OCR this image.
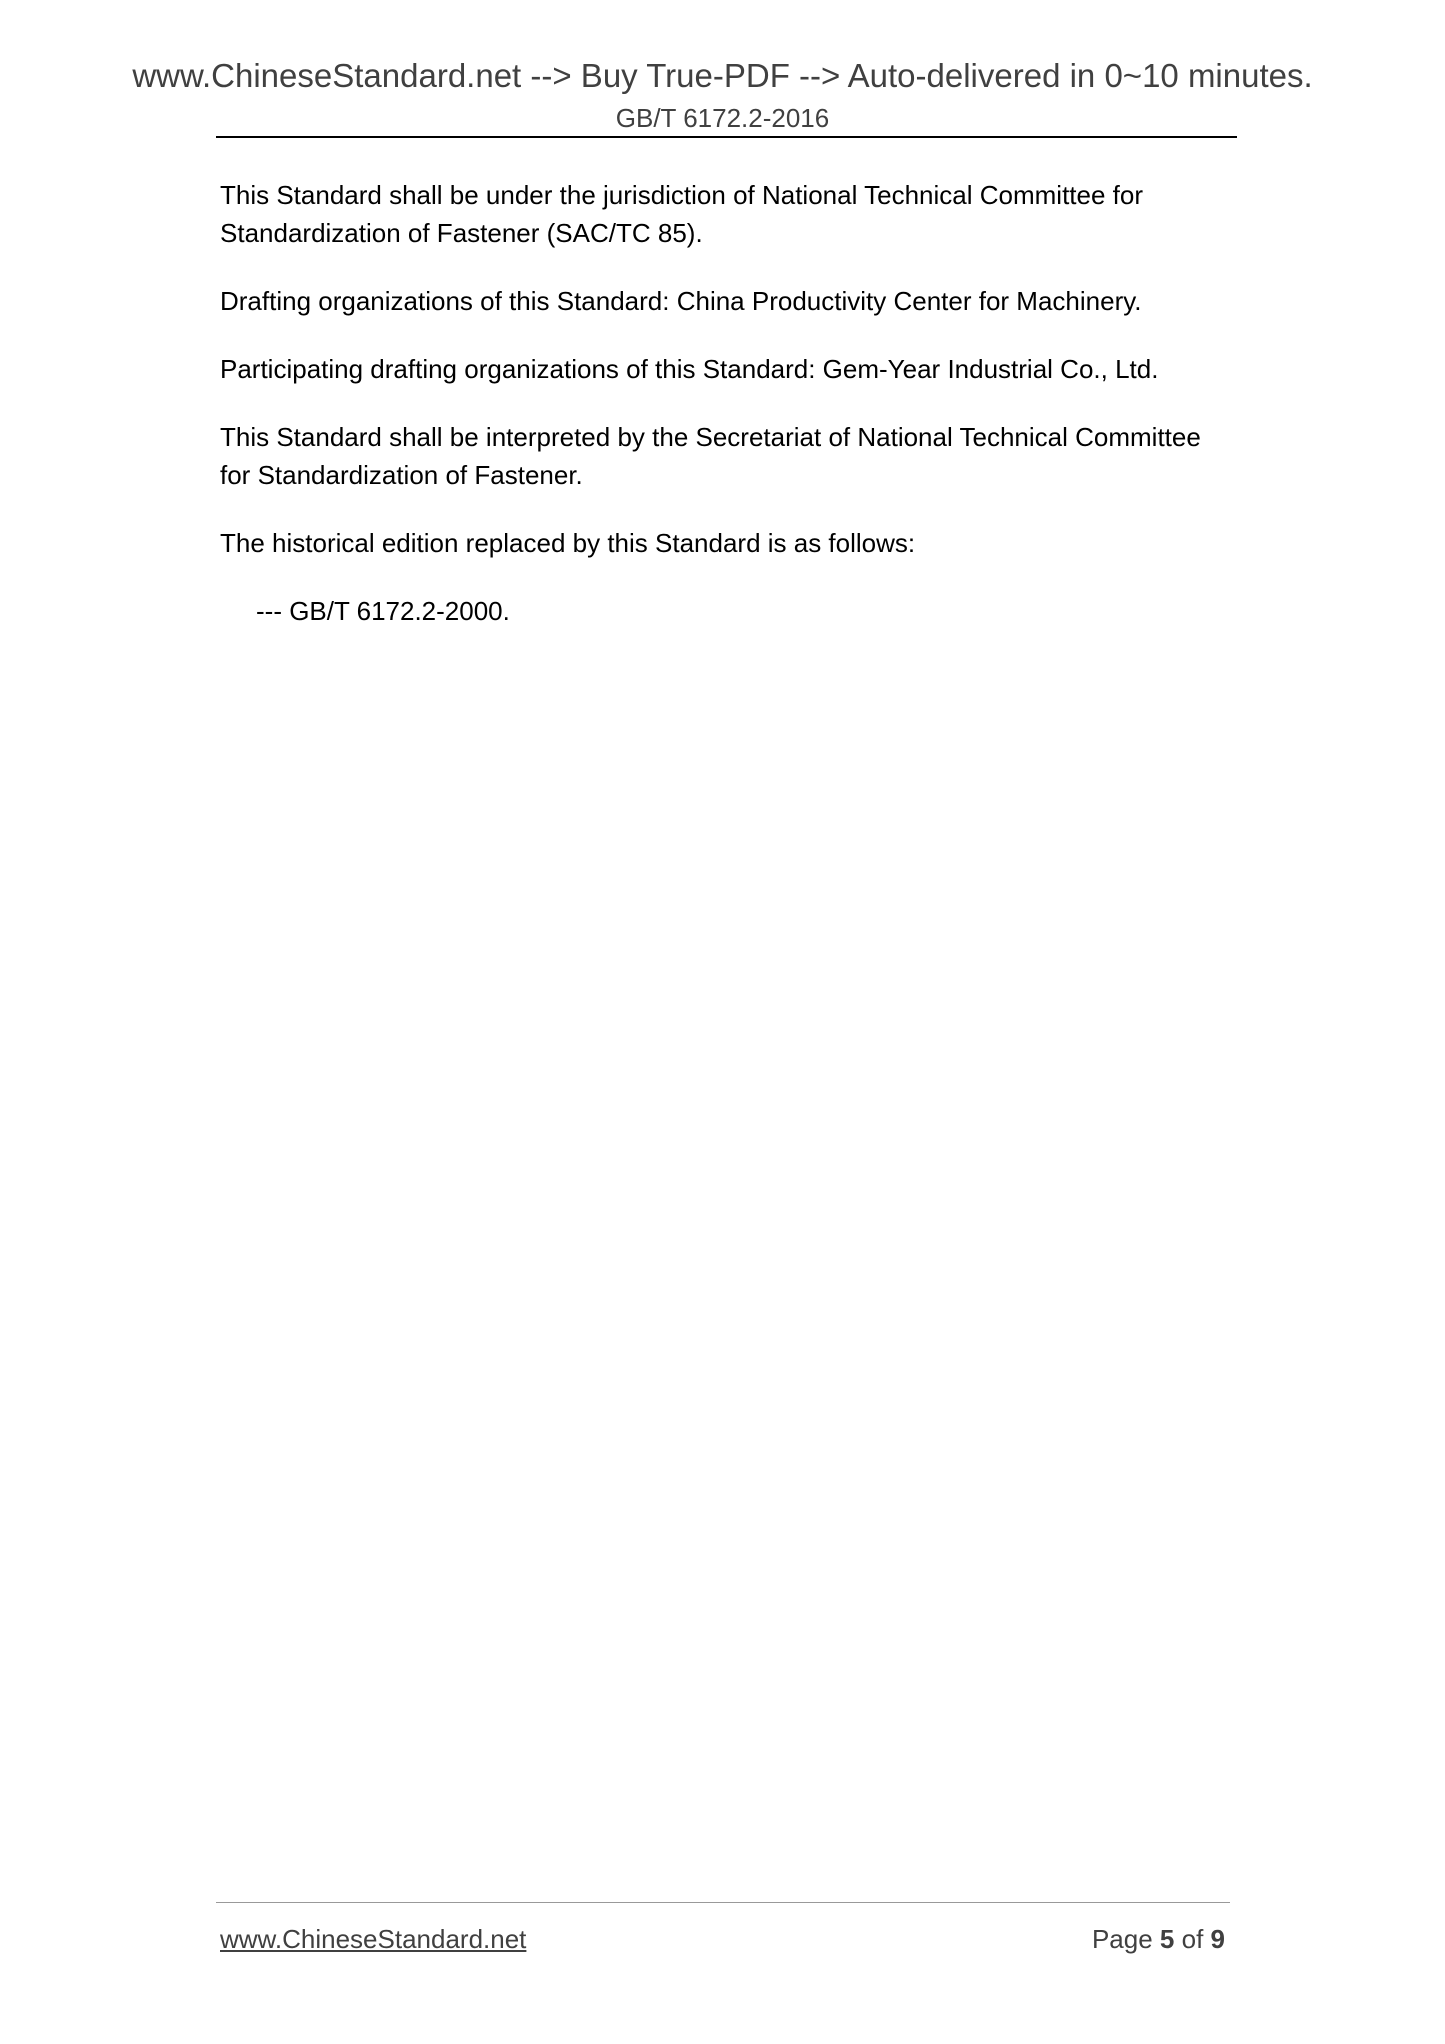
www.ChineseStandard.net --> Buy True-PDF --> Auto-delivered in 0~10 minutes.
GB/T 6172.2-2016

This Standard shall be under the jurisdiction of National Technical Committee for Standardization of Fastener (SAC/TC 85).

Drafting organizations of this Standard: China Productivity Center for Machinery.

Participating drafting organizations of this Standard: Gem-Year Industrial Co., Ltd.

This Standard shall be interpreted by the Secretariat of National Technical Committee for Standardization of Fastener.

The historical edition replaced by this Standard is as follows:

--- GB/T 6172.2-2000.

www.ChineseStandard.net	Page 5 of 9
